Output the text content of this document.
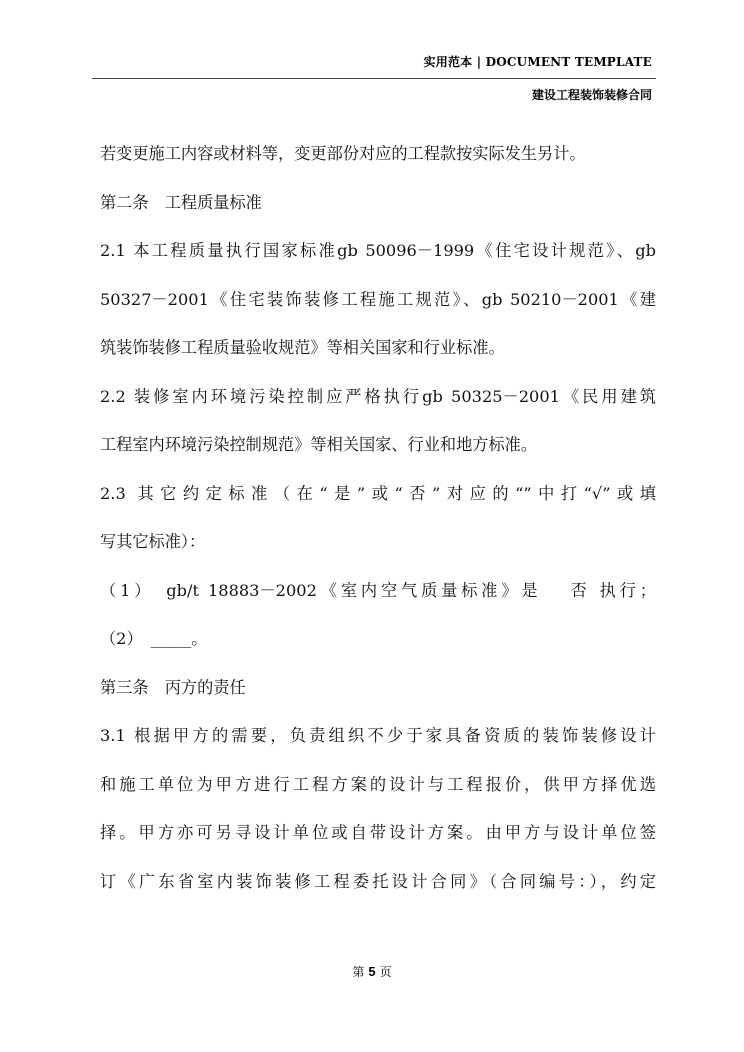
实用范本 | DOCUMENT TEMPLATE
建设工程装饰装修合同
若变更施工内容或材料等，变更部份对应的工程款按实际发生另计。
第二条　工程质量标准
2.1 本工程质量执行国家标准gb 50096－1999《住宅设计规范》、gb
50327－2001《住宅装饰装修工程施工规范》、gb 50210－2001《建
筑装饰装修工程质量验收规范》等相关国家和行业标准。
2.2 装修室内环境污染控制应严格执行gb 50325－2001《民用建筑
工程室内环境污染控制规范》等相关国家、行业和地方标准。
2.3 其它约定标准（在“是”或“否”对应的“”中打“√”或填
写其它标准）：
（1）　gb/t 18883－2002《室内空气质量标准》是　 否 执行；
（2）　_____。
第三条　丙方的责任
3.1 根据甲方的需要，负责组织不少于家具备资质的装饰装修设计
和施工单位为甲方进行工程方案的设计与工程报价，供甲方择优选
择。甲方亦可另寻设计单位或自带设计方案。由甲方与设计单位签
订《广东省室内装饰装修工程委托设计合同》（合同编号：），约定
第 5 页
